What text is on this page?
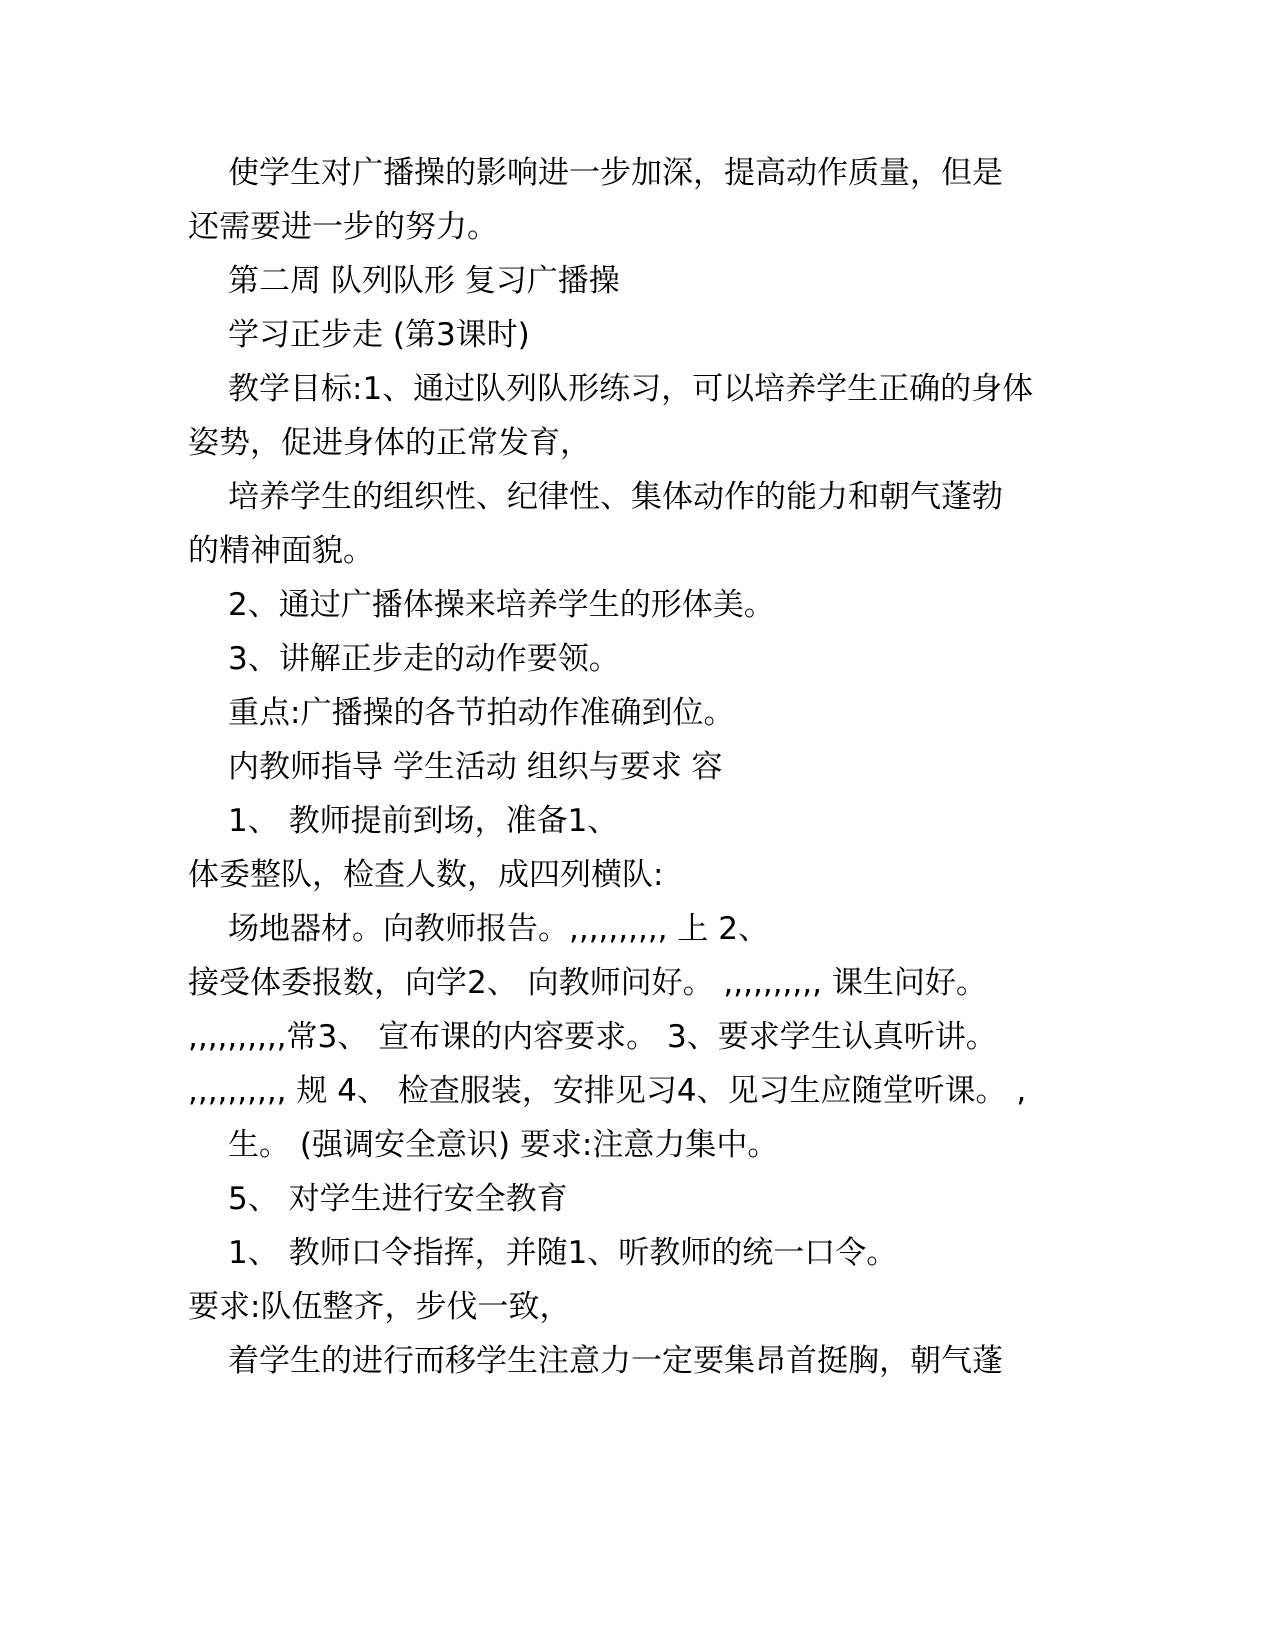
使学生对广播操的影响进一步加深，提高动作质量，但是
还需要进一步的努力。
第二周 队列队形 复习广播操
学习正步走 (第3课时)
教学目标:1、通过队列队形练习，可以培养学生正确的身体
姿势，促进身体的正常发育，
培养学生的组织性、纪律性、集体动作的能力和朝气蓬勃
的精神面貌。
2、通过广播体操来培养学生的形体美。
3、讲解正步走的动作要领。
重点:广播操的各节拍动作准确到位。
内教师指导 学生活动 组织与要求 容
1、 教师提前到场，准备1、
体委整队，检查人数，成四列横队:
场地器材。向教师报告。,,,,,,,,,, 上 2、
接受体委报数，向学2、 向教师问好。 ,,,,,,,,,, 课生问好。
,,,,,,,,,,常3、 宣布课的内容要求。 3、要求学生认真听讲。
,,,,,,,,,, 规 4、 检查服装，安排见习4、见习生应随堂听课。 ,
生。 (强调安全意识) 要求:注意力集中。
5、 对学生进行安全教育
1、 教师口令指挥，并随1、听教师的统一口令。
要求:队伍整齐，步伐一致，
着学生的进行而移学生注意力一定要集昂首挺胸，朝气蓬
